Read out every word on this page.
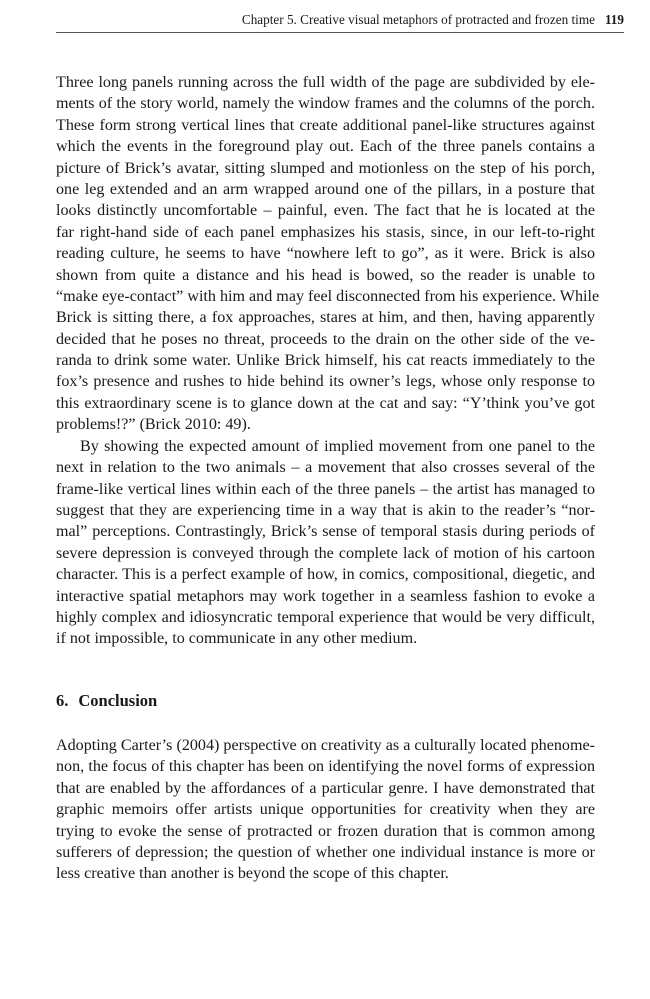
Chapter 5. Creative visual metaphors of protracted and frozen time 119
Three long panels running across the full width of the page are subdivided by ele-
ments of the story world, namely the window frames and the columns of the porch.
These form strong vertical lines that create additional panel-like structures against
which the events in the foreground play out. Each of the three panels contains a
picture of Brick’s avatar, sitting slumped and motionless on the step of his porch,
one leg extended and an arm wrapped around one of the pillars, in a posture that
looks distinctly uncomfortable – painful, even. The fact that he is located at the
far right-hand side of each panel emphasizes his stasis, since, in our left-to-right
reading culture, he seems to have “nowhere left to go”, as it were. Brick is also
shown from quite a distance and his head is bowed, so the reader is unable to
“make eye-contact” with him and may feel disconnected from his experience. While
Brick is sitting there, a fox approaches, stares at him, and then, having apparently
decided that he poses no threat, proceeds to the drain on the other side of the ve-
randa to drink some water. Unlike Brick himself, his cat reacts immediately to the
fox’s presence and rushes to hide behind its owner’s legs, whose only response to
this extraordinary scene is to glance down at the cat and say: “Y’think you’ve got
problems!?” (Brick 2010: 49).
By showing the expected amount of implied movement from one panel to the
next in relation to the two animals – a movement that also crosses several of the
frame-like vertical lines within each of the three panels – the artist has managed to
suggest that they are experiencing time in a way that is akin to the reader’s “nor-
mal” perceptions. Contrastingly, Brick’s sense of temporal stasis during periods of
severe depression is conveyed through the complete lack of motion of his cartoon
character. This is a perfect example of how, in comics, compositional, diegetic, and
interactive spatial metaphors may work together in a seamless fashion to evoke a
highly complex and idiosyncratic temporal experience that would be very difficult,
if not impossible, to communicate in any other medium.
6. Conclusion
Adopting Carter’s (2004) perspective on creativity as a culturally located phenome-
non, the focus of this chapter has been on identifying the novel forms of expression
that are enabled by the affordances of a particular genre. I have demonstrated that
graphic memoirs offer artists unique opportunities for creativity when they are
trying to evoke the sense of protracted or frozen duration that is common among
sufferers of depression; the question of whether one individual instance is more or
less creative than another is beyond the scope of this chapter.
